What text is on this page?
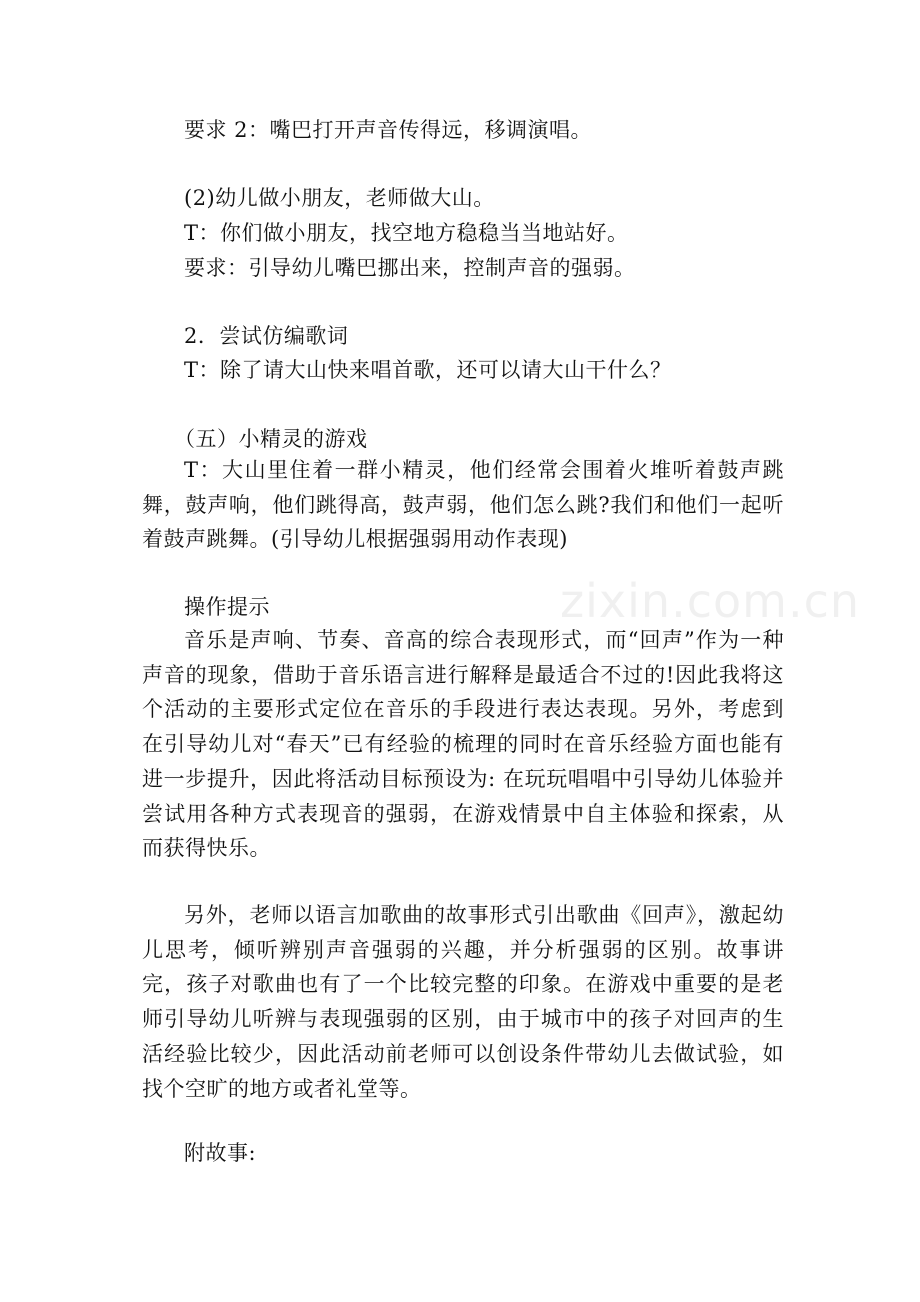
要求 2：嘴巴打开声音传得远，移调演唱。
(2)幼儿做小朋友，老师做大山。
T：你们做小朋友，找空地方稳稳当当地站好。
要求：引导幼儿嘴巴挪出来，控制声音的强弱。
2．尝试仿编歌词
T：除了请大山快来唱首歌，还可以请大山干什么？
（五）小精灵的游戏
T：大山里住着一群小精灵，他们经常会围着火堆听着鼓声跳舞，鼓声响，他们跳得高，鼓声弱，他们怎么跳?我们和他们一起听着鼓声跳舞。(引导幼儿根据强弱用动作表现)
操作提示
音乐是声响、节奏、音高的综合表现形式，而“回声”作为一种声音的现象，借助于音乐语言进行解释是最适合不过的!因此我将这个活动的主要形式定位在音乐的手段进行表达表现。另外，考虑到在引导幼儿对“春天”已有经验的梳理的同时在音乐经验方面也能有进一步提升，因此将活动目标预设为: 在玩玩唱唱中引导幼儿体验并尝试用各种方式表现音的强弱，在游戏情景中自主体验和探索，从而获得快乐。
另外，老师以语言加歌曲的故事形式引出歌曲《回声》，激起幼儿思考，倾听辨别声音强弱的兴趣，并分析强弱的区别。故事讲完，孩子对歌曲也有了一个比较完整的印象。在游戏中重要的是老师引导幼儿听辨与表现强弱的区别，由于城市中的孩子对回声的生活经验比较少，因此活动前老师可以创设条件带幼儿去做试验，如找个空旷的地方或者礼堂等。
附故事:
zixin.com.cn
